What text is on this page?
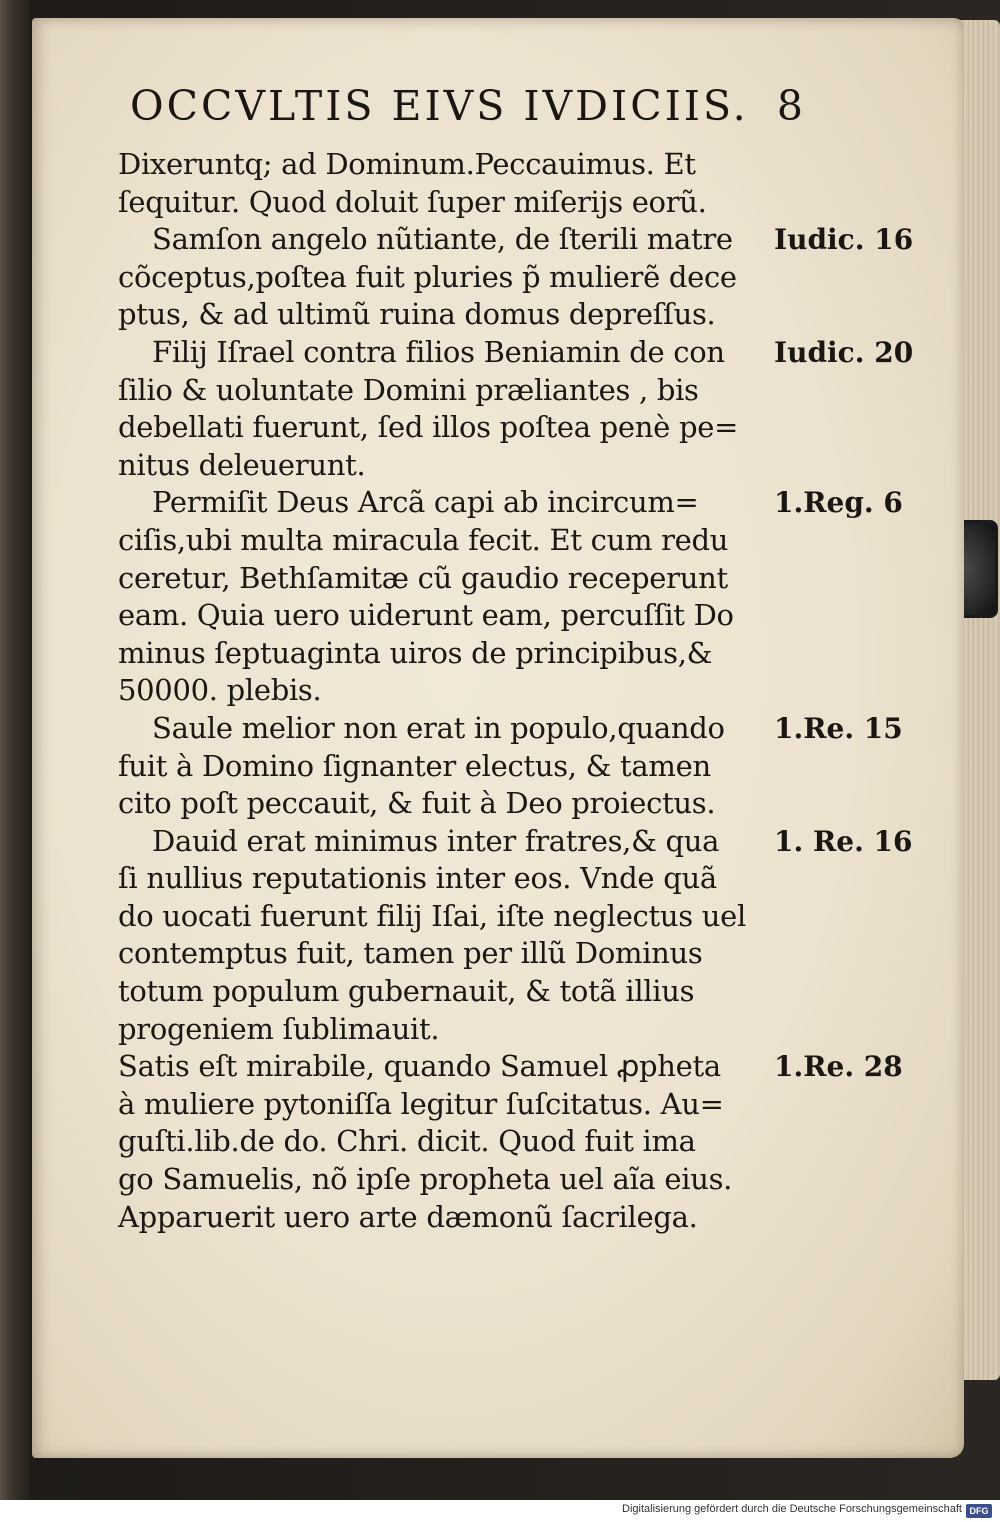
OCCVLTIS EIVS IVDICIIS. 8
Dixeruntq; ad Dominum.Peccauimus. Et
ſequitur. Quod doluit ſuper miſerijs eorũ.
Samſon angelo nũtiante, de ſterili matre
cõceptus,poſtea fuit pluries p̃ mulierẽ dece
ptus, & ad ultimũ ruina domus depreſſus.
Filij Iſrael contra filios Beniamin de con
ſilio & uoluntate Domini præliantes , bis
debellati fuerunt, ſed illos poſtea penè pe=
nitus deleuerunt.
Permiſit Deus Arcã capi ab incircum=
ciſis,ubi multa miracula fecit. Et cum redu
ceretur, Bethſamitæ cũ gaudio receperunt
eam. Quia uero uiderunt eam, percuſſit Do
minus ſeptuaginta uiros de principibus,&
50000. plebis.
Saule melior non erat in populo,quando
fuit à Domino ſignanter electus, & tamen
cito poſt peccauit, & fuit à Deo proiectus.
Dauid erat minimus inter fratres,& qua
ſi nullius reputationis inter eos. Vnde quã
do uocati fuerunt filij Iſai, iſte neglectus uel
contemptus fuit, tamen per illũ Dominus
totum populum gubernauit, & totã illius
progeniem ſublimauit.
Satis eſt mirabile, quando Samuel ꝓpheta
à muliere pytoniſſa legitur ſuſcitatus. Au=
guſti.lib.de do. Chri. dicit. Quod fuit ima
go Samuelis, nõ ipſe propheta uel aĩa eius.
Apparuerit uero arte dæmonũ ſacrilega.
Iudic. 16
Iudic. 20
1.Reg. 6
1.Re. 15
1. Re. 16
1.Re. 28
Digitalisierung gefördert durch die Deutsche Forschungsgemeinschaft DFG
